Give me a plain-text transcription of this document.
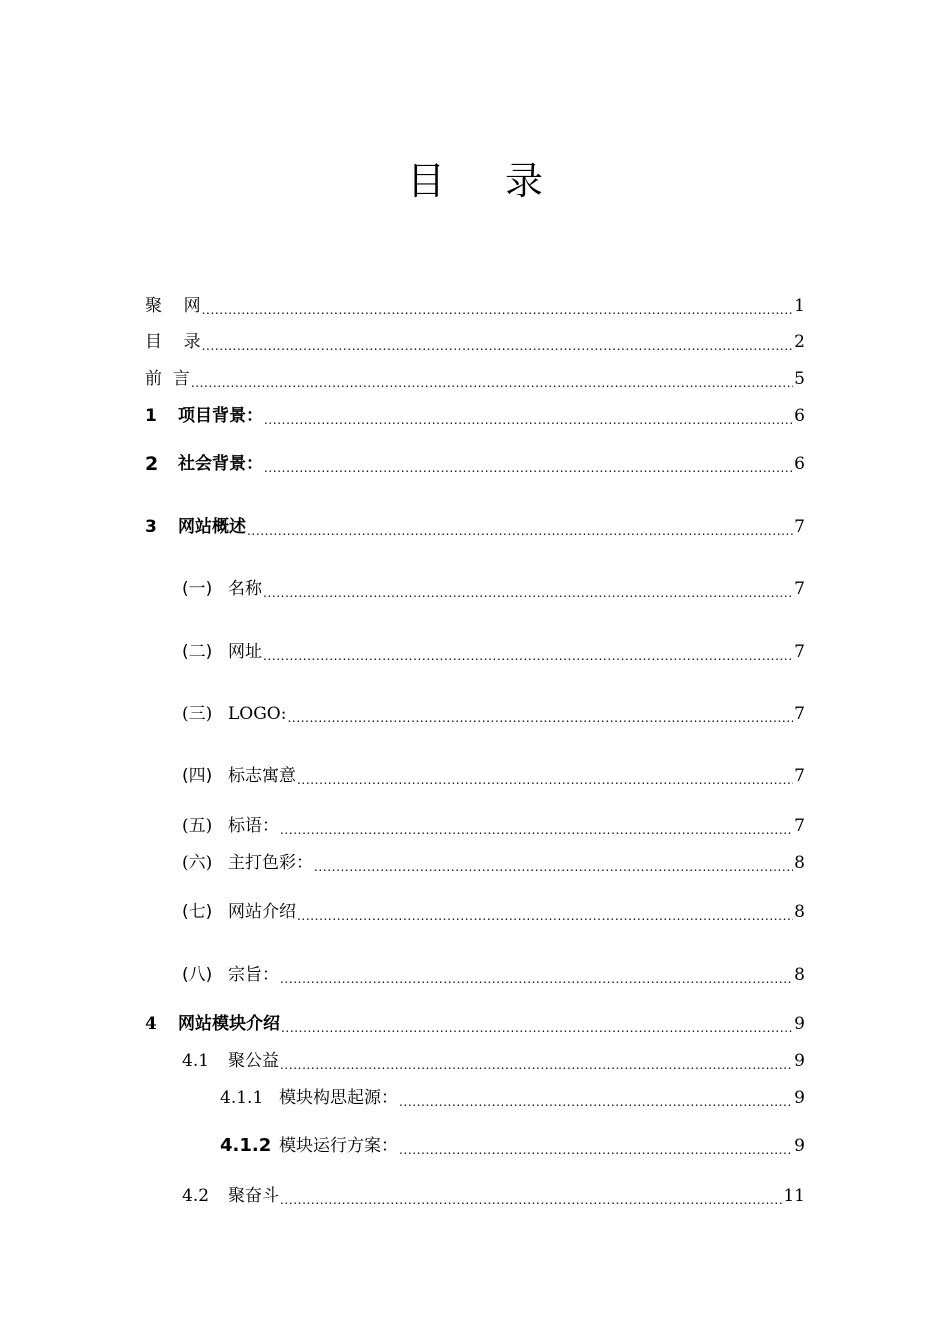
目 录
聚    网 .....	1
目    录 .....	2
前  言 .....	5
1	项目背景： .....	6
2	社会背景： .....	6
3	网站概述 .....	7
(一) 名称 .....	7
(二) 网址 .....	7
(三) LOGO: .....	7
(四) 标志寓意 .....	7
(五) 标语： .....	7
(六) 主打色彩： .....	8
(七) 网站介绍 .....	8
(八) 宗旨： .....	8
4	网站模块介绍 .....	9
4.1	聚公益 .....	9
4.1.1 模块构思起源： .....	9
4.1.2 模块运行方案： .....	9
4.2	聚奋斗 .....	11
